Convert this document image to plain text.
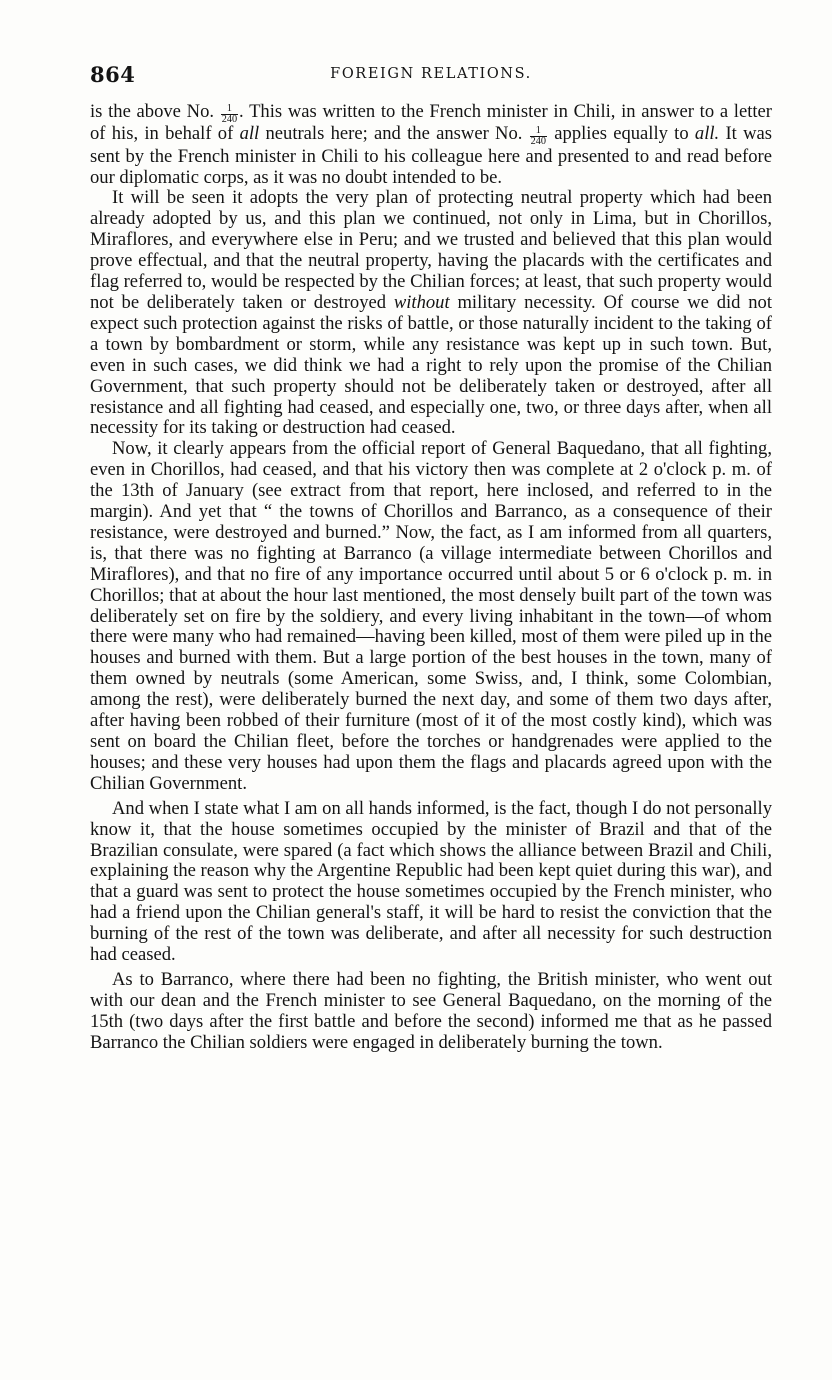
864	FOREIGN RELATIONS.

is the above No. $\frac{1}{240}$ . This was written to the French minister in Chili, in answer to a letter of his, in behalf of all neutrals here; and the answer No. $\frac{1}{240}$ applies equally to all. It was sent by the French minister in Chili to his colleague here and presented to and read before our diplomatic corps, as it was no doubt intended to be.

It will be seen it adopts the very plan of protecting neutral property which had been already adopted by us, and this plan we continued, not only in Lima, but in Chorillos, Miraflores, and everywhere else in Peru; and we trusted and believed that this plan would prove effectual, and that the neutral property, having the placards with the certificates and flag referred to, would be respected by the Chilian forces; at least, that such property would not be deliberately taken or destroyed without military necessity. Of course we did not expect such protection against the risks of battle, or those naturally incident to the taking of a town by bombardment or storm, while any resistance was kept up in such town. But, even in such cases, we did think we had a right to rely upon the promise of the Chilian Government, that such property should not be deliberately taken or destroyed, after all resistance and all fighting had ceased, and especially one, two, or three days after, when all necessity for its taking or destruction had ceased.

Now, it clearly appears from the official report of General Baquedano, that all fighting, even in Chorillos, had ceased, and that his victory then was complete at 2 o'clock p. m. of the 13th of January (see extract from that report, here inclosed, and referred to in the margin). And yet that “ the towns of Chorillos and Barranco, as a consequence of their resistance, were destroyed and burned.” Now, the fact, as I am informed from all quarters, is, that there was no fighting at Barranco (a village intermediate between Chorillos and Miraflores), and that no fire of any importance occurred until about 5 or 6 o'clock p. m. in Chorillos; that at about the hour last mentioned, the most densely built part of the town was deliberately set on fire by the soldiery, and every living inhabitant in the town—of whom there were many who had remained—having been killed, most of them were piled up in the houses and burned with them. But a large portion of the best houses in the town, many of them owned by neutrals (some American, some Swiss, and, I think, some Colombian, among the rest), were deliberately burned the next day, and some of them two days after, after having been robbed of their furniture (most of it of the most costly kind), which was sent on board the Chilian fleet, before the torches or handgrenades were applied to the houses; and these very houses had upon them the flags and placards agreed upon with the Chilian Government.

And when I state what I am on all hands informed, is the fact, though I do not personally know it, that the house sometimes occupied by the minister of Brazil and that of the Brazilian consulate, were spared (a fact which shows the alliance between Brazil and Chili, explaining the reason why the Argentine Republic had been kept quiet during this war), and that a guard was sent to protect the house sometimes occupied by the French minister, who had a friend upon the Chilian general's staff, it will be hard to resist the conviction that the burning of the rest of the town was deliberate, and after all necessity for such destruction had ceased.

As to Barranco, where there had been no fighting, the British minister, who went out with our dean and the French minister to see General Baquedano, on the morning of the 15th (two days after the first battle and before the second) informed me that as he passed Barranco the Chilian soldiers were engaged in deliberately burning the town.
